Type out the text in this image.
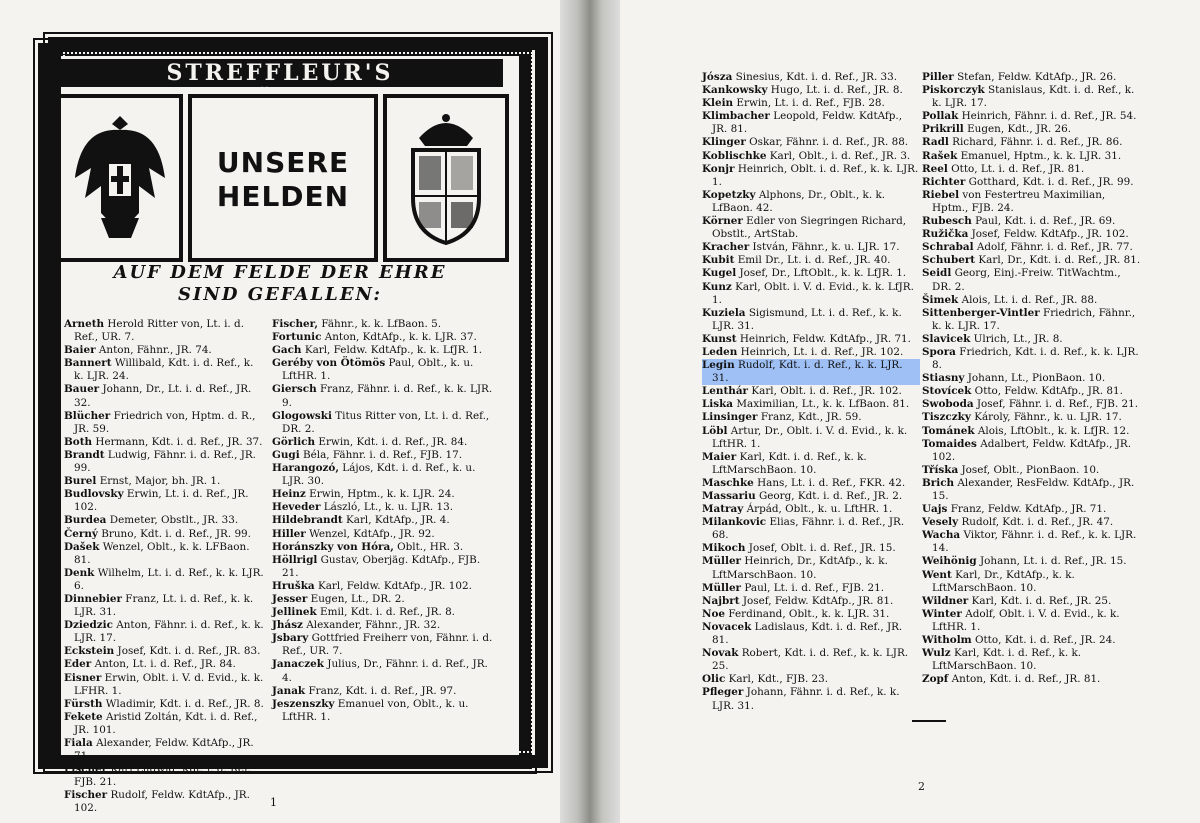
STREFFLEUR'S
UNSERE
HELDEN
AUF DEM FELDE DER EHRE
SIND GEFALLEN:
Arneth Herold Ritter von, Lt. i. d. Ref., UR. 7.
Baier Anton, Fähnr., JR. 74.
Bannert Willibald, Kdt. i. d. Ref., k. k. LJR. 24.
Bauer Johann, Dr., Lt. i. d. Ref., JR. 32.
Blücher Friedrich von, Hptm. d. R., JR. 59.
Both Hermann, Kdt. i. d. Ref., JR. 37.
Brandt Ludwig, Fähnr. i. d. Ref., JR. 99.
Burel Ernst, Major, bh. JR. 1.
Budlovsky Erwin, Lt. i. d. Ref., JR. 102.
Burdea Demeter, Obstlt., JR. 33.
Černý Bruno, Kdt. i. d. Ref., JR. 99.
Dašek Wenzel, Oblt., k. k. LFBaon. 81.
Denk Wilhelm, Lt. i. d. Ref., k. k. LJR. 6.
Dinnebier Franz, Lt. i. d. Ref., k. k. LJR. 31.
Dziedzic Anton, Fähnr. i. d. Ref., k. k. LJR. 17.
Eckstein Josef, Kdt. i. d. Ref., JR. 83.
Eder Anton, Lt. i. d. Ref., JR. 84.
Eisner Erwin, Oblt. i. V. d. Evid., k. k. LFHR. 1.
Fürsth Wladimir, Kdt. i. d. Ref., JR. 8.
Fekete Aristid Zoltán, Kdt. i. d. Ref., JR. 101.
Fiala Alexander, Feldw. KdtAfp., JR. 71.
Fischer Karl Ludwig, Kdt. i. d. Ref., FJB. 21.
Fischer Rudolf, Feldw. KdtAfp., JR. 102.
Fischer, Fähnr., k. k. LfBaon. 5.
Fortunic Anton, KdtAfp., k. k. LJR. 37.
Gach Karl, Feldw. KdtAfp., k. k. LfJR. 1.
Geréby von Ötömös Paul, Oblt., k. u. LftHR. 1.
Giersch Franz, Fähnr. i. d. Ref., k. k. LJR. 9.
Glogowski Titus Ritter von, Lt. i. d. Ref., DR. 2.
Görlich Erwin, Kdt. i. d. Ref., JR. 84.
Gugi Béla, Fähnr. i. d. Ref., FJB. 17.
Harangozó, Lájos, Kdt. i. d. Ref., k. u. LJR. 30.
Heinz Erwin, Hptm., k. k. LJR. 24.
Heveder László, Lt., k. u. LJR. 13.
Hildebrandt Karl, KdtAfp., JR. 4.
Hiller Wenzel, KdtAfp., JR. 92.
Horánszky von Hóra, Oblt., HR. 3.
Höllrigl Gustav, Oberjäg. KdtAfp., FJB. 21.
Hruška Karl, Feldw. KdtAfp., JR. 102.
Jesser Eugen, Lt., DR. 2.
Jellinek Emil, Kdt. i. d. Ref., JR. 8.
Jhász Alexander, Fähnr., JR. 32.
Jsbary Gottfried Freiherr von, Fähnr. i. d. Ref., UR. 7.
Janaczek Julius, Dr., Fähnr. i. d. Ref., JR. 4.
Janak Franz, Kdt. i. d. Ref., JR. 97.
Jeszenszky Emanuel von, Oblt., k. u. LftHR. 1.
Jósza Sinesius, Kdt. i. d. Ref., JR. 33.
Kankowsky Hugo, Lt. i. d. Ref., JR. 8.
Klein Erwin, Lt. i. d. Ref., FJB. 28.
Klimbacher Leopold, Feldw. KdtAfp., JR. 81.
Klinger Oskar, Fähnr. i. d. Ref., JR. 88.
Koblischke Karl, Oblt., i. d. Ref., JR. 3.
Konjr Heinrich, Oblt. i. d. Ref., k. k. LJR. 1.
Kopetzky Alphons, Dr., Oblt., k. k. LfBaon. 42.
Körner Edler von Siegringen Richard, Obstlt., ArtStab.
Kracher István, Fähnr., k. u. LJR. 17.
Kubit Emil Dr., Lt. i. d. Ref., JR. 40.
Kugel Josef, Dr., LftOblt., k. k. LfJR. 1.
Kunz Karl, Oblt. i. V. d. Evid., k. k. LfJR. 1.
Kuziela Sigismund, Lt. i. d. Ref., k. k. LJR. 31.
Kunst Heinrich, Feldw. KdtAfp., JR. 71.
Leden Heinrich, Lt. i. d. Ref., JR. 102.
Legin Rudolf, Kdt. i. d. Ref., k. k. LJR. 31.
Lenthár Karl, Oblt. i. d. Ref., JR. 102.
Liska Maximilian, Lt., k. k. LfBaon. 81.
Linsinger Franz, Kdt., JR. 59.
Löbl Artur, Dr., Oblt. i. V. d. Evid., k. k. LftHR. 1.
Maier Karl, Kdt. i. d. Ref., k. k. LftMarschBaon. 10.
Maschke Hans, Lt. i. d. Ref., FKR. 42.
Massariu Georg, Kdt. i. d. Ref., JR. 2.
Matray Árpád, Oblt., k. u. LftHR. 1.
Milankovic Elias, Fähnr. i. d. Ref., JR. 68.
Mikoch Josef, Oblt. i. d. Ref., JR. 15.
Müller Heinrich, Dr., KdtAfp., k. k. LftMarschBaon. 10.
Müller Paul, Lt. i. d. Ref., FJB. 21.
Najbrt Josef, Feldw. KdtAfp., JR. 81.
Noe Ferdinand, Oblt., k. k. LJR. 31.
Novacek Ladislaus, Kdt. i. d. Ref., JR. 81.
Novak Robert, Kdt. i. d. Ref., k. k. LJR. 25.
Olic Karl, Kdt., FJB. 23.
Pfleger Johann, Fähnr. i. d. Ref., k. k. LJR. 31.
Piller Stefan, Feldw. KdtAfp., JR. 26.
Piskorczyk Stanislaus, Kdt. i. d. Ref., k. k. LJR. 17.
Pollak Heinrich, Fähnr. i. d. Ref., JR. 54.
Prikrill Eugen, Kdt., JR. 26.
Radl Richard, Fähnr. i. d. Ref., JR. 86.
Rašek Emanuel, Hptm., k. k. LJR. 31.
Reel Otto, Lt. i. d. Ref., JR. 81.
Richter Gotthard, Kdt. i. d. Ref., JR. 99.
Riebel von Festertreu Maximilian, Hptm., FJB. 24.
Rubesch Paul, Kdt. i. d. Ref., JR. 69.
Ružička Josef, Feldw. KdtAfp., JR. 102.
Schrabal Adolf, Fähnr. i. d. Ref., JR. 77.
Schubert Karl, Dr., Kdt. i. d. Ref., JR. 81.
Seidl Georg, Einj.-Freiw. TitWachtm., DR. 2.
Šimek Alois, Lt. i. d. Ref., JR. 88.
Sittenberger-Vintler Friedrich, Fähnr., k. k. LJR. 17.
Slavicek Ulrich, Lt., JR. 8.
Spora Friedrich, Kdt. i. d. Ref., k. k. LJR. 8.
Stiasny Johann, Lt., PionBaon. 10.
Stovícek Otto, Feldw. KdtAfp., JR. 81.
Swoboda Josef, Fähnr. i. d. Ref., FJB. 21.
Tiszczky Károly, Fähnr., k. u. LJR. 17.
Tománek Alois, LftOblt., k. k. LfJR. 12.
Tomaides Adalbert, Feldw. KdtAfp., JR. 102.
Tříska Josef, Oblt., PionBaon. 10.
Brich Alexander, ResFeldw. KdtAfp., JR. 15.
Uajs Franz, Feldw. KdtAfp., JR. 71.
Vesely Rudolf, Kdt. i. d. Ref., JR. 47.
Wacha Viktor, Fähnr. i. d. Ref., k. k. LJR. 14.
Weihönig Johann, Lt. i. d. Ref., JR. 15.
Went Karl, Dr., KdtAfp., k. k. LftMarschBaon. 10.
Wildner Karl, Kdt. i. d. Ref., JR. 25.
Winter Adolf, Oblt. i. V. d. Evid., k. k. LftHR. 1.
Witholm Otto, Kdt. i. d. Ref., JR. 24.
Wulz Karl, Kdt. i. d. Ref., k. k. LftMarschBaon. 10.
Zopf Anton, Kdt. i. d. Ref., JR. 81.
1
2
